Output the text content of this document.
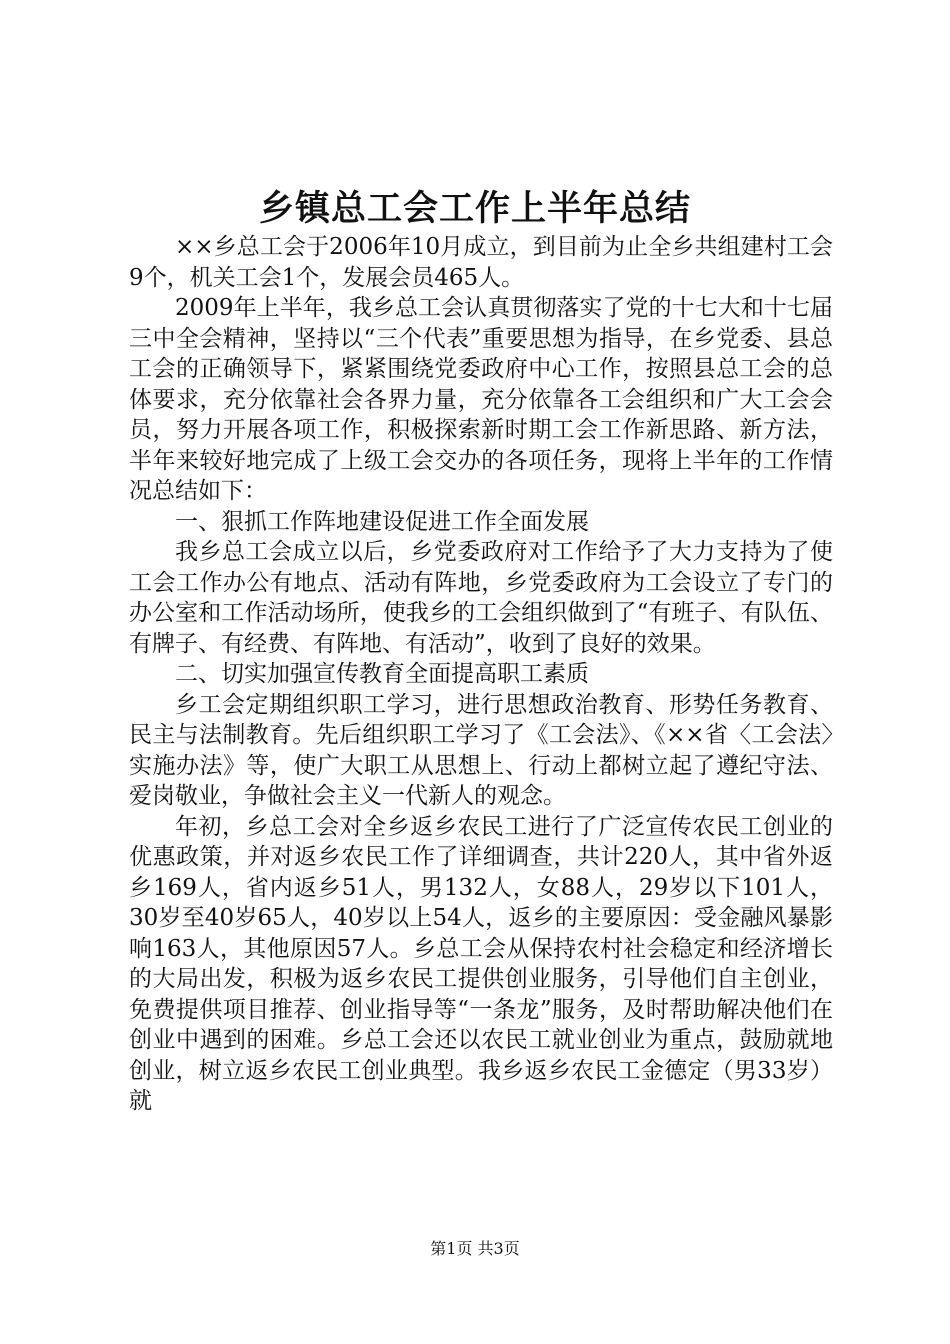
乡镇总工会工作上半年总结

××乡总工会于2006年10月成立，到目前为止全乡共组建村工会9个，机关工会1个，发展会员465人。

2009年上半年，我乡总工会认真贯彻落实了党的十七大和十七届三中全会精神，坚持以“三个代表”重要思想为指导，在乡党委、县总工会的正确领导下，紧紧围绕党委政府中心工作，按照县总工会的总体要求，充分依靠社会各界力量，充分依靠各工会组织和广大工会会员，努力开展各项工作，积极探索新时期工会工作新思路、新方法，半年来较好地完成了上级工会交办的各项任务，现将上半年的工作情况总结如下：

一、狠抓工作阵地建设促进工作全面发展

我乡总工会成立以后，乡党委政府对工作给予了大力支持为了使工会工作办公有地点、活动有阵地，乡党委政府为工会设立了专门的办公室和工作活动场所，使我乡的工会组织做到了“有班子、有队伍、有牌子、有经费、有阵地、有活动”，收到了良好的效果。

二、切实加强宣传教育全面提高职工素质

乡工会定期组织职工学习，进行思想政治教育、形势任务教育、民主与法制教育。先后组织职工学习了《工会法》、《××省〈工会法〉实施办法》等，使广大职工从思想上、行动上都树立起了遵纪守法、爱岗敬业，争做社会主义一代新人的观念。

年初，乡总工会对全乡返乡农民工进行了广泛宣传农民工创业的优惠政策，并对返乡农民工作了详细调查，共计220人，其中省外返乡169人，省内返乡51人，男132人，女88人，29岁以下101人，30岁至40岁65人，40岁以上54人，返乡的主要原因：受金融风暴影响163人，其他原因57人。乡总工会从保持农村社会稳定和经济增长的大局出发，积极为返乡农民工提供创业服务，引导他们自主创业，免费提供项目推荐、创业指导等“一条龙”服务，及时帮助解决他们在创业中遇到的困难。乡总工会还以农民工就业创业为重点，鼓励就地创业，树立返乡农民工创业典型。我乡返乡农民工金德定（男33岁）就

第1页 共3页
